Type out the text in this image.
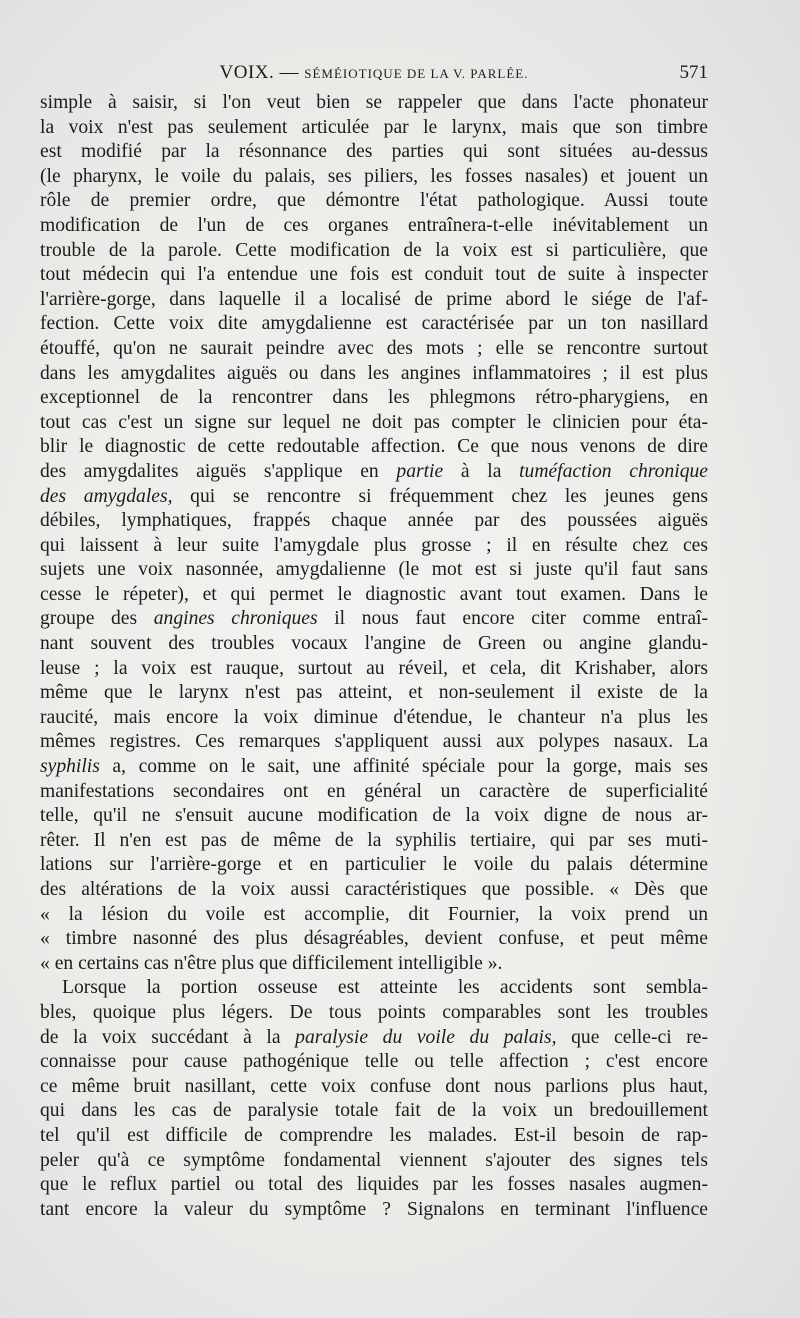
VOIX. — SÉMÉIOTIQUE DE LA V. PARLÉE.	571
simple à saisir, si l'on veut bien se rappeler que dans l'acte phonateur
la voix n'est pas seulement articulée par le larynx, mais que son timbre
est modifié par la résonnance des parties qui sont situées au-dessus
(le pharynx, le voile du palais, ses piliers, les fosses nasales) et jouent un
rôle de premier ordre, que démontre l'état pathologique. Aussi toute
modification de l'un de ces organes entraînera-t-elle inévitablement un
trouble de la parole. Cette modification de la voix est si particulière, que
tout médecin qui l'a entendue une fois est conduit tout de suite à inspecter
l'arrière-gorge, dans laquelle il a localisé de prime abord le siége de l'af-
fection. Cette voix dite amygdalienne est caractérisée par un ton nasillard
étouffé, qu'on ne saurait peindre avec des mots ; elle se rencontre surtout
dans les amygdalites aiguës ou dans les angines inflammatoires ; il est plus
exceptionnel de la rencontrer dans les phlegmons rétro-pharygiens, en
tout cas c'est un signe sur lequel ne doit pas compter le clinicien pour éta-
blir le diagnostic de cette redoutable affection. Ce que nous venons de dire
des amygdalites aiguës s'applique en partie à la tuméfaction chronique
des amygdales, qui se rencontre si fréquemment chez les jeunes gens
débiles, lymphatiques, frappés chaque année par des poussées aiguës
qui laissent à leur suite l'amygdale plus grosse ; il en résulte chez ces
sujets une voix nasonnée, amygdalienne (le mot est si juste qu'il faut sans
cesse le répeter), et qui permet le diagnostic avant tout examen. Dans le
groupe des angines chroniques il nous faut encore citer comme entraî-
nant souvent des troubles vocaux l'angine de Green ou angine glandu-
leuse ; la voix est rauque, surtout au réveil, et cela, dit Krishaber, alors
même que le larynx n'est pas atteint, et non-seulement il existe de la
raucité, mais encore la voix diminue d'étendue, le chanteur n'a plus les
mêmes registres. Ces remarques s'appliquent aussi aux polypes nasaux. La
syphilis a, comme on le sait, une affinité spéciale pour la gorge, mais ses
manifestations secondaires ont en général un caractère de superficialité
telle, qu'il ne s'ensuit aucune modification de la voix digne de nous ar-
rêter. Il n'en est pas de même de la syphilis tertiaire, qui par ses muti-
lations sur l'arrière-gorge et en particulier le voile du palais détermine
des altérations de la voix aussi caractéristiques que possible. « Dès que
« la lésion du voile est accomplie, dit Fournier, la voix prend un
« timbre nasonné des plus désagréables, devient confuse, et peut même
« en certains cas n'être plus que difficilement intelligible ».
Lorsque la portion osseuse est atteinte les accidents sont sembla-
bles, quoique plus légers. De tous points comparables sont les troubles
de la voix succédant à la paralysie du voile du palais, que celle-ci re-
connaisse pour cause pathogénique telle ou telle affection ; c'est encore
ce même bruit nasillant, cette voix confuse dont nous parlions plus haut,
qui dans les cas de paralysie totale fait de la voix un bredouillement
tel qu'il est difficile de comprendre les malades. Est-il besoin de rap-
peler qu'à ce symptôme fondamental viennent s'ajouter des signes tels
que le reflux partiel ou total des liquides par les fosses nasales augmen-
tant encore la valeur du symptôme ? Signalons en terminant l'influence
